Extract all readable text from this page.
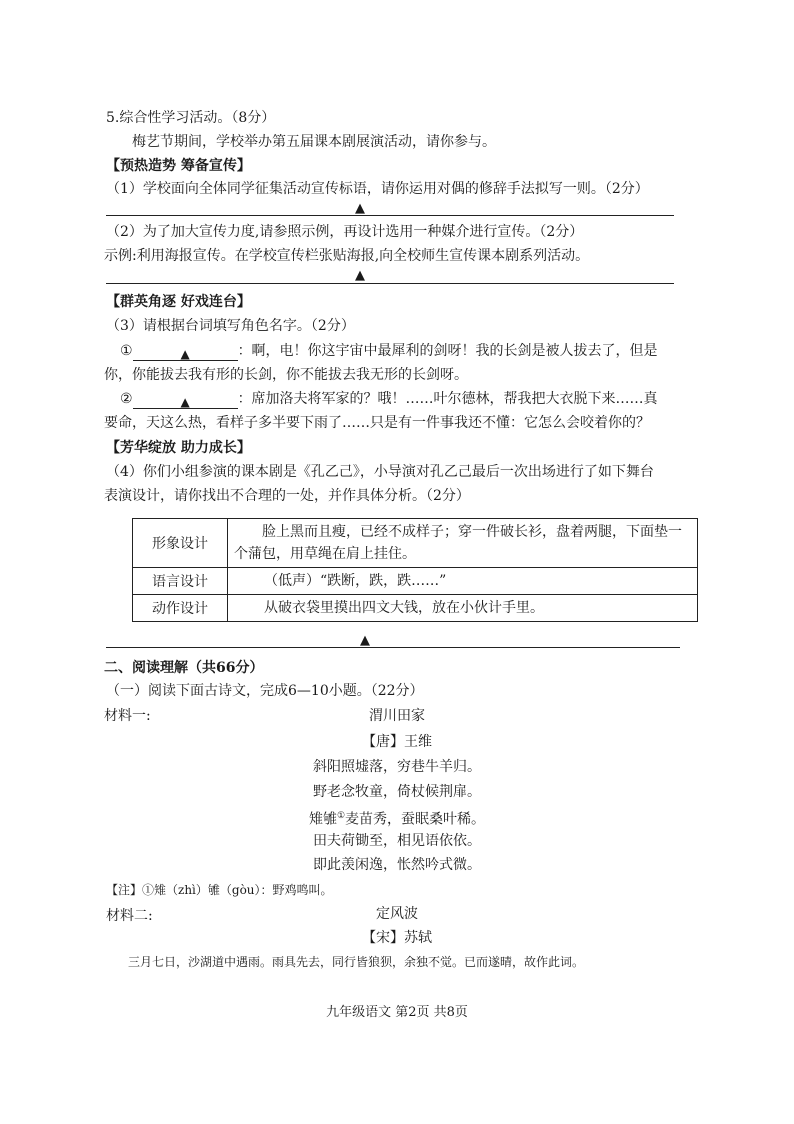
5.综合性学习活动。（8分）
梅艺节期间，学校举办第五届课本剧展演活动，请你参与。
【预热造势 筹备宣传】
（1）学校面向全体同学征集活动宣传标语，请你运用对偶的修辞手法拟写一则。（2分）
▲
（2）为了加大宣传力度,请参照示例，再设计选用一种媒介进行宣传。（2分）
示例:利用海报宣传。在学校宣传栏张贴海报,向全校师生宣传课本剧系列活动。
▲
【群英角逐 好戏连台】
（3）请根据台词填写角色名字。（2分）
①	▲	：啊，电！你这宇宙中最犀利的剑呀！我的长剑是被人拔去了，但是
你，你能拔去我有形的长剑，你不能拔去我无形的长剑呀。
②	▲	：席加洛夫将军家的？哦！……叶尔德林，帮我把大衣脱下来……真
要命，天这么热，看样子多半要下雨了……只是有一件事我还不懂：它怎么会咬着你的？
【芳华绽放 助力成长】
（4）你们小组参演的课本剧是《孔乙己》，小导演对孔乙己最后一次出场进行了如下舞台
表演设计，请你找出不合理的一处，并作具体分析。（2分）
形象设计	脸上黑而且瘦，已经不成样子；穿一件破长衫，盘着两腿，下面垫一个蒲包，用草绳在肩上挂住。
语言设计	（低声）“跌断，跌，跌……”
动作设计	从破衣袋里摸出四文大钱，放在小伙计手里。
▲
二、阅读理解（共66分）
（一）阅读下面古诗文，完成6—10小题。（22分）
材料一:	渭川田家
【唐】王维
斜阳照墟落，穷巷牛羊归。
野老念牧童，倚杖候荆扉。
雉雊①麦苗秀，蚕眠桑叶稀。
田夫荷锄至，相见语依依。
即此羡闲逸，怅然吟式微。
【注】①雉（zhì）雊（gòu）：野鸡鸣叫。
材料二:	定风波
【宋】苏轼
三月七日，沙湖道中遇雨。雨具先去，同行皆狼狈，余独不觉。已而遂晴，故作此词。
九年级语文 第2页 共8页
